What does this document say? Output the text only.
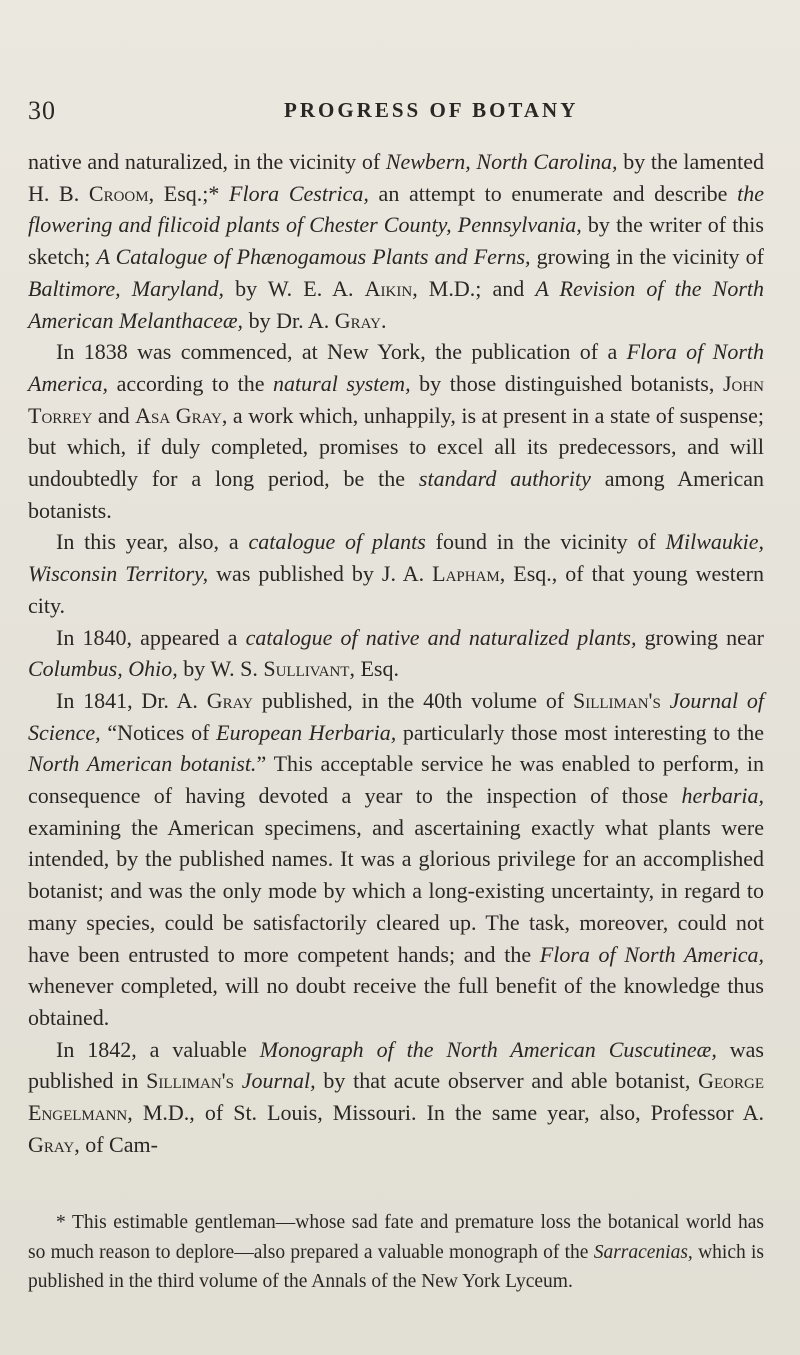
30	PROGRESS OF BOTANY

native and naturalized, in the vicinity of Newbern, North Carolina, by the lamented H. B. Croom, Esq.;* Flora Cestrica, an attempt to enumerate and describe the flowering and filicoid plants of Chester County, Pennsylvania, by the writer of this sketch; A Catalogue of Phænogamous Plants and Ferns, growing in the vicinity of Baltimore, Maryland, by W. E. A. Aikin, M.D.; and A Revision of the North American Melanthaceæ, by Dr. A. Gray.

In 1838 was commenced, at New York, the publication of a Flora of North America, according to the natural system, by those distinguished botanists, John Torrey and Asa Gray, a work which, unhappily, is at present in a state of suspense; but which, if duly completed, promises to excel all its predecessors, and will undoubtedly for a long period, be the standard authority among American botanists.

In this year, also, a catalogue of plants found in the vicinity of Milwaukie, Wisconsin Territory, was published by J. A. Lapham, Esq., of that young western city.

In 1840, appeared a catalogue of native and naturalized plants, growing near Columbus, Ohio, by W. S. Sullivant, Esq.

In 1841, Dr. A. Gray published, in the 40th volume of Silliman's Journal of Science, “Notices of European Herbaria, particularly those most interesting to the North American botanist.” This acceptable service he was enabled to perform, in consequence of having devoted a year to the inspection of those herbaria, examining the American specimens, and ascertaining exactly what plants were intended, by the published names. It was a glorious privilege for an accomplished botanist; and was the only mode by which a long-existing uncertainty, in regard to many species, could be satisfactorily cleared up. The task, moreover, could not have been entrusted to more competent hands; and the Flora of North America, whenever completed, will no doubt receive the full benefit of the knowledge thus obtained.

In 1842, a valuable Monograph of the North American Cuscutineæ, was published in Silliman's Journal, by that acute observer and able botanist, George Engelmann, M.D., of St. Louis, Missouri. In the same year, also, Professor A. Gray, of Cam-

* This estimable gentleman—whose sad fate and premature loss the botanical world has so much reason to deplore—also prepared a valuable monograph of the Sarracenias, which is published in the third volume of the Annals of the New York Lyceum.
